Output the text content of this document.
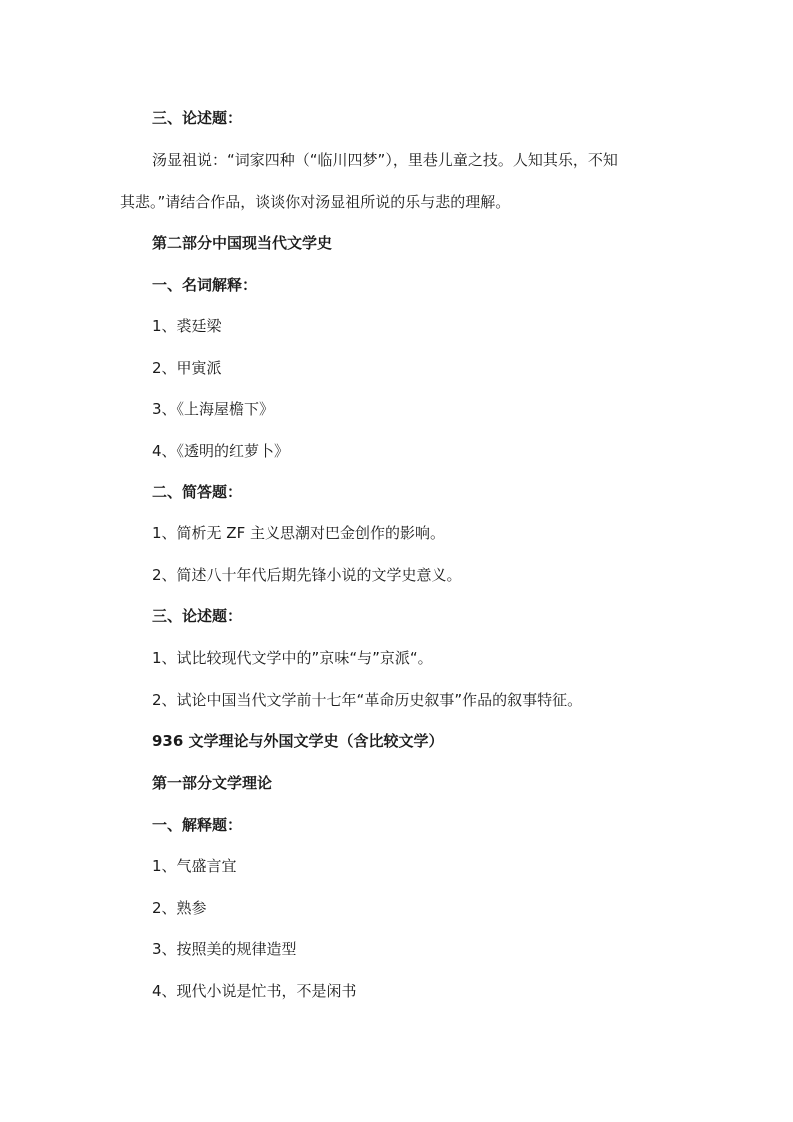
三、论述题：
汤显祖说：“词家四种（“临川四梦”），里巷儿童之技。人知其乐，不知
其悲。”请结合作品，谈谈你对汤显祖所说的乐与悲的理解。
第二部分中国现当代文学史
一、名词解释：
1、裘廷梁
2、甲寅派
3、《上海屋檐下》
4、《透明的红萝卜》
二、简答题：
1、简析无 ZF 主义思潮对巴金创作的影响。
2、简述八十年代后期先锋小说的文学史意义。
三、论述题：
1、试比较现代文学中的”京味“与”京派“。
2、试论中国当代文学前十七年“革命历史叙事”作品的叙事特征。
936 文学理论与外国文学史（含比较文学）
第一部分文学理论
一、解释题：
1、气盛言宜
2、熟参
3、按照美的规律造型
4、现代小说是忙书，不是闲书
